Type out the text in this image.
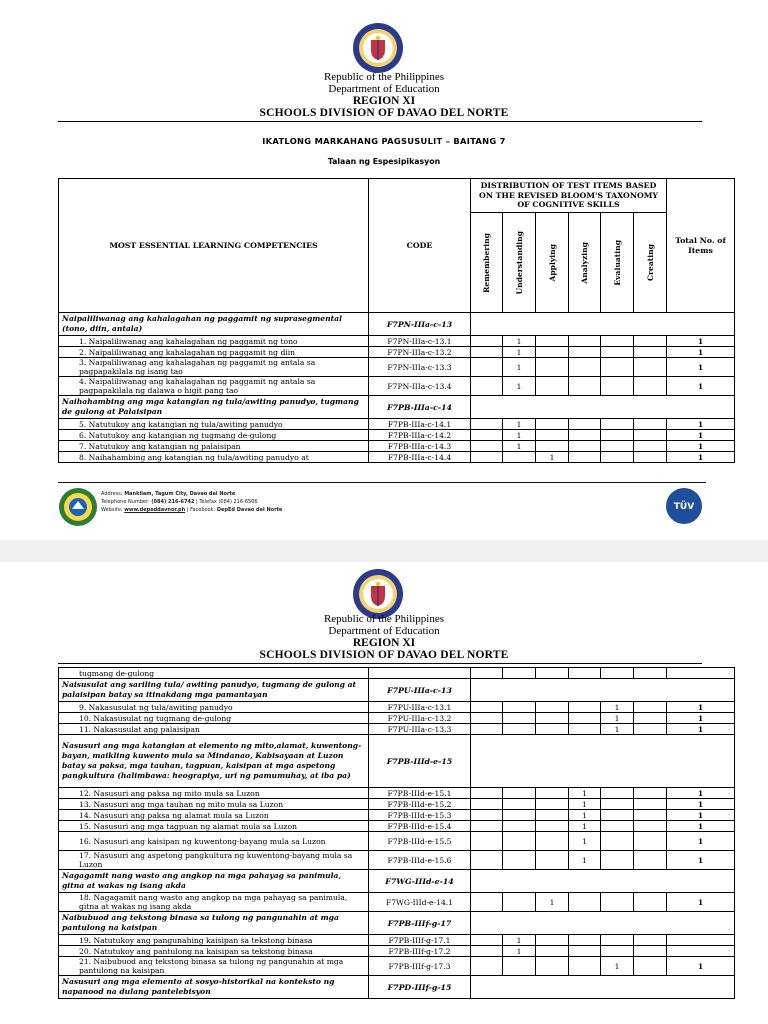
Republic of the Philippines
Department of Education
REGION XI
SCHOOLS DIVISION OF DAVAO DEL NORTE
IKATLONG MARKAHANG PAGSUSULIT – BAITANG 7
Talaan ng Espesipikasyon
MOST ESSENTIAL LEARNING COMPETENCIES	CODE	DISTRIBUTION OF TEST ITEMS BASED ON THE REVISED BLOOM'S TAXONOMY OF COGNITIVE SKILLS						Total No. of Items

		Remembering	Understanding	Applying	Analyzing	Evaluating	Creating	

Naipaliliwanag ang kahalagahan ng paggamit ng suprasegmental (tono, diin, antala)	F7PN-IIIa-c-13							
1. Naipaliliwanag ang kahalagahan ng paggamit ng tono	F7PN-IIIa-c-13.1		1					1
2. Naipaliliwanag ang kahalagahan ng paggamit ng diin	F7PN-IIIa-c-13.2		1					1
3. Naipaliliwanag ang kahalagahan ng paggamit ng antala sa pagpapakilala ng isang tao	F7PN-IIIa-c-13.3		1					1
4. Naipaliliwanag ang kahalagahan ng paggamit ng antala sa pagpapakilala ng dalawa o higit pang tao	F7PN-IIIa-c-13.4		1					1
Naihahambing ang mga katangian ng tula/awiting panudyo, tugmang de gulong at Palaisipan	F7PB-IIIa-c-14							
5. Natutukoy ang katangian ng tula/awiting panudyo	F7PB-IIIa-c-14.1		1					1
6. Natutukoy ang katangian ng tugmang de-gulong	F7PB-IIIa-c-14.2		1					1
7. Natutukoy ang katangian ng palaisipan	F7PB-IIIa-c-14.3		1					1
8. Naihahambing ang katangian ng tula/awiting panudyo at	F7PB-IIIa-c-14.4			1				1
Address: Mankilam, Tagum City, Davao del Norte
Telephone Number: (084) 216-6742 | Telefax (084) 216-6506
Website: www.depeddavnor.ph | Facebook: DepEd Davao del Norte	TÜV
Republic of the Philippines
Department of Education
REGION XI
SCHOOLS DIVISION OF DAVAO DEL NORTE
tugmang de-gulong								
Naisusulat ang sariling tula/ awiting panudyo, tugmang de gulong at palaisipan batay sa itinakdang mga pamantayan	F7PU-IIIa-c-13							
9. Nakasusulat ng tula/awiting panudyo	F7PU-IIIa-c-13.1					1		1
10. Nakasusulat ng tugmang de-gulong	F7PU-IIIa-c-13.2					1		1
11. Nakasusulat ang palaisipan	F7PU-IIIa-c-13.3					1		1
Nasusuri ang mga katangian at elemento ng mito,alamat, kuwentong-bayan, maikling kuwento mula sa Mindanao, Kabisayaan at Luzon batay sa paksa, mga tauhan, tagpuan, kaisipan at mga aspetong pangkultura (halimbawa: heograpiya, uri ng pamumuhay, at iba pa)	F7PB-IIId-e-15							
12. Nasusuri ang paksa ng mito mula sa Luzon	F7PB-IIId-e-15.1				1			1
13. Nasusuri ang mga tauhan ng mito mula sa Luzon	F7PB-IIId-e-15.2				1			1
14. Nasusuri ang paksa ng alamat mula sa Luzon	F7PB-IIId-e-15.3				1			1
15. Nasusuri ang mga tagpuan ng alamat mula sa Luzon	F7PB-IIId-e-15.4				1			1
16. Nasusuri ang kaisipan ng kuwentong-bayang mula sa Luzon	F7PB-IIId-e-15.5				1			1
17. Nasusuri ang aspetong pangkultura ng kuwentong-bayang mula sa Luzon	F7PB-IIId-e-15.6				1			1
Nagagamit nang wasto ang angkop na mga pahayag sa panimula, gitna at wakas ng isang akda	F7WG-IIId-e-14							
18. Nagagamit nang wasto ang angkop na mga pahayag sa panimula, gitna at wakas ng isang akda	F7WG-IIId-e-14.1			1				1
Naibubuod ang tekstong binasa sa tulong ng pangunahin at mga pantulong na kaisipan	F7PB-IIIf-g-17							
19. Natutukoy ang pangunahing kaisipan sa tekstong binasa	F7PB-IIIf-g-17.1		1					
20. Natutukoy ang pantulong na kaisipan sa tekstong binasa	F7PB-IIIf-g-17.2		1					
21. Naibubuod ang tekstong binasa sa tulong ng pangunahin at mga pantulong na kaisipan	F7PB-IIIf-g-17.3					1		1
Nasusuri ang mga elemento at sosyo-historikal na konteksto ng napanood na dulang pantelebisyon	F7PD-IIIf-g-15							
